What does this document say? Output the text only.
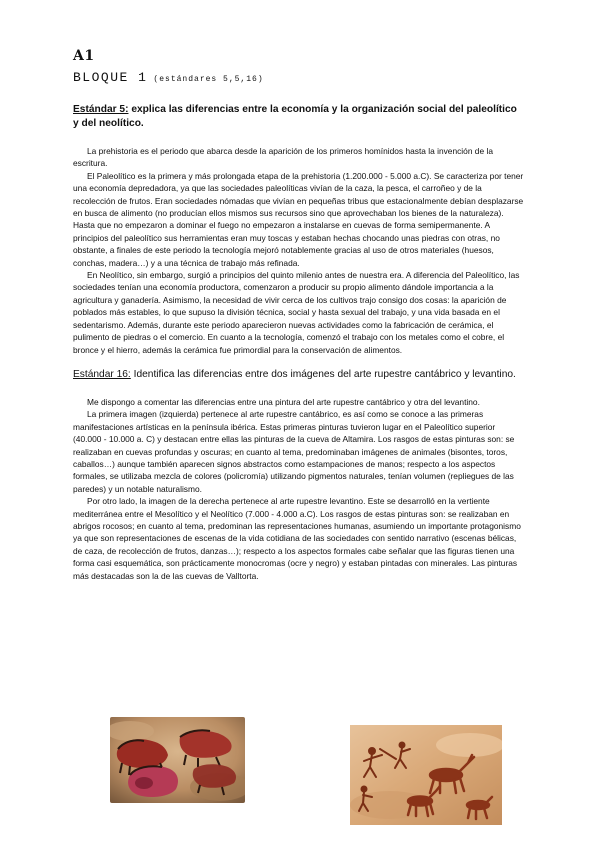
A1
BLOQUE 1 (estándares 5,5,16)

Estándar 5: explica las diferencias entre la economía y la organización social del paleolítico y del neolítico.

La prehistoria es el periodo que abarca desde la aparición de los primeros homínidos hasta la invención de la escritura.

El Paleolítico es la primera y más prolongada etapa de la prehistoria (1.200.000 - 5.000 a.C). Se caracteriza por tener una economía depredadora, ya que las sociedades paleolíticas vivían de la caza, la pesca, el carroñeo y de la recolección de frutos. Eran sociedades nómadas que vivían en pequeñas tribus que estacionalmente debían desplazarse en busca de alimento (no producían ellos mismos sus recursos sino que aprovechaban los bienes de la naturaleza). Hasta que no empezaron a dominar el fuego no empezaron a instalarse en cuevas de forma semipermanente. A principios del paleolítico sus herramientas eran muy toscas y estaban hechas chocando unas piedras con otras, no obstante, a finales de este periodo la tecnología mejoró notablemente gracias al uso de otros materiales (huesos, conchas, madera…) y a una técnica de trabajo más refinada.

En Neolítico, sin embargo, surgió a principios del quinto milenio antes de nuestra era. A diferencia del Paleolítico, las sociedades tenían una economía productora, comenzaron a producir su propio alimento dándole importancia a la agricultura y ganadería. Asimismo, la necesidad de vivir cerca de los cultivos trajo consigo dos cosas: la aparición de poblados más estables, lo que supuso la división técnica, social y hasta sexual del trabajo, y una vida basada en el sedentarismo. Además, durante este periodo aparecieron nuevas actividades como la fabricación de cerámica, el pulimento de piedras o el comercio. En cuanto a la tecnología, comenzó el trabajo con los metales como el cobre, el bronce y el hierro, además la cerámica fue primordial para la conservación de alimentos.

Estándar 16: Identifica las diferencias entre dos imágenes del arte rupestre cantábrico y levantino.

Me dispongo a comentar las diferencias entre una pintura del arte rupestre cantábrico y otra del levantino.

La primera imagen (izquierda) pertenece al arte rupestre cantábrico, es así como se conoce a las primeras manifestaciones artísticas en la península ibérica. Estas primeras pinturas tuvieron lugar en el Paleolítico superior (40.000 - 10.000 a. C) y destacan entre ellas las pinturas de la cueva de Altamira. Los rasgos de estas pinturas son: se realizaban en cuevas profundas y oscuras; en cuanto al tema, predominaban imágenes de animales (bisontes, toros, caballos…) aunque también aparecen signos abstractos como estampaciones de manos; respecto a los aspectos formales, se utilizaba mezcla de colores (policromía) utilizando pigmentos naturales, tenían volumen (repliegues de las paredes) y un notable naturalismo.

Por otro lado, la imagen de la derecha pertenece al arte rupestre levantino. Este se desarrolló en la vertiente mediterránea entre el Mesolítico y el Neolítico (7.000 - 4.000 a.C). Los rasgos de estas pinturas son: se realizaban en abrigos rocosos; en cuanto al tema, predominan las representaciones humanas, asumiendo un importante protagonismo ya que son representaciones de escenas de la vida cotidiana de las sociedades con sentido narrativo (escenas bélicas, de caza, de recolección de frutos, danzas…); respecto a los aspectos formales cabe señalar que las figuras tienen una forma casi esquemática, son prácticamente monocromas (ocre y negro) y estaban pintadas con minerales. Las pinturas más destacadas son la de las cuevas de Valltorta.
